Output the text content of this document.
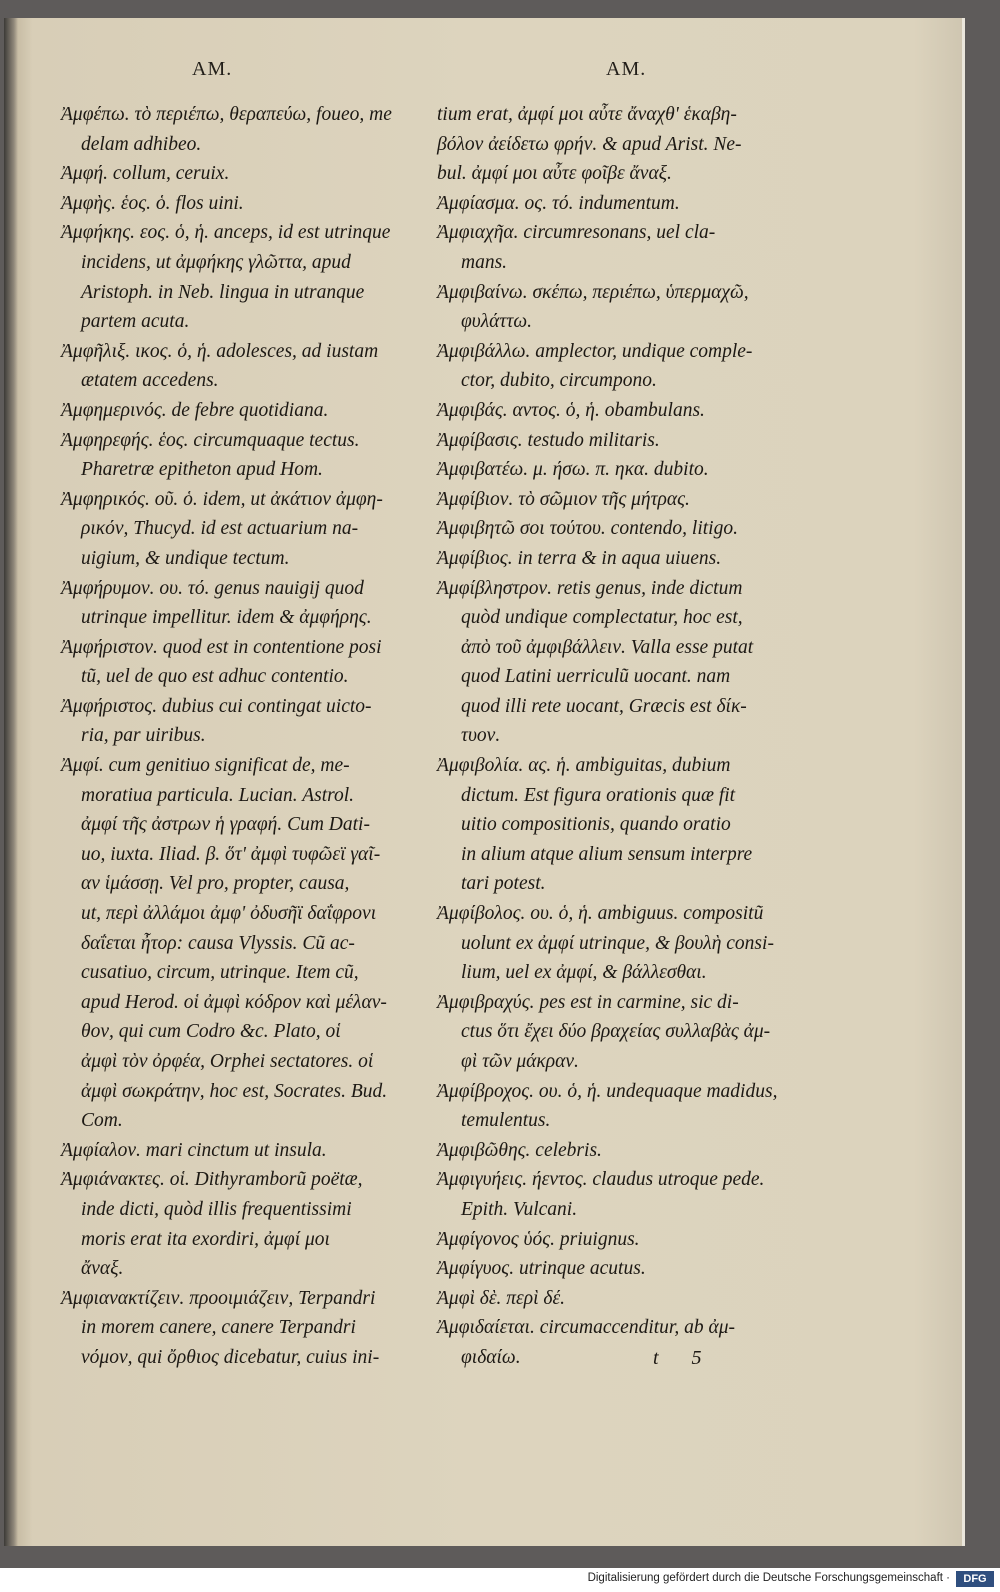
AM.	AM.
Ἀμφέπω. τὸ περιέπω, θεραπεύω, foueo, me
delam adhibeo.
Ἀμφή. collum, ceruix.
Ἀμφὴς. ἑος. ὁ. flos uini.
Ἀμφήκης. εος. ὁ, ἡ. anceps, id est utrinque
incidens, ut ἀμφήκης γλῶττα, apud
Aristoph. in Neb. lingua in utranque
partem acuta.
Ἀμφῆλιξ. ικος. ὁ, ἡ. adolesces, ad iustam
ætatem accedens.
Ἀμφημερινός. de febre quotidiana.
Ἀμφηρεφής. ἑος. circumquaque tectus.
Pharetræ epitheton apud Hom.
Ἀμφηρικός. οῦ. ὁ. idem, ut ἀκάτιον ἀμφη-
ρικόν, Thucyd. id est actuarium na-
uigium, & undique tectum.
Ἀμφήρυμον. ου. τό. genus nauigij quod
utrinque impellitur. idem & ἀμφήρης.
Ἀμφήριστον. quod est in contentione posi
tũ, uel de quo est adhuc contentio.
Ἀμφήριστος. dubius cui contingat uicto-
ria, par uiribus.
Ἀμφί. cum genitiuo significat de, me-
moratiua particula. Lucian. Astrol.
ἀμφί τῆς ἀστρων ἡ γραφή. Cum Dati-
uo, iuxta. Iliad. β. ὅτ' ἀμφὶ τυφῶεϊ γαῖ-
αν ἱμάσσῃ. Vel pro, propter, causa,
ut, περὶ ἀλλάμοι ἀμφ' ὀδυσῆϊ δαΐφρονι
δαΐεται ἦτορ: causa Vlyssis. Cũ ac-
cusatiuo, circum, utrinque. Item cũ,
apud Herod. οἱ ἀμφὶ κόδρον καὶ μέλαν-
θον, qui cum Codro &c. Plato, οἱ
ἀμφὶ τὸν ὀρφέα, Orphei sectatores. οἱ
ἀμφὶ σωκράτην, hoc est, Socrates. Bud.
Com.
Ἀμφίαλον. mari cinctum ut insula.
Ἀμφιάνακτες. οἱ. Dithyramborũ poëtæ,
inde dicti, quòd illis frequentissimi
moris erat ita exordiri, ἀμφί μοι
ἄναξ.
Ἀμφιανακτίζειν. προοιμιάζειν, Terpandri
in morem canere, canere Terpandri
νόμον, qui ὄρθιος dicebatur, cuius ini-
tium erat, ἀμφί μοι αὖτε ἄναχθ' ἑκαβη-
βόλον ἀείδετω φρήν. & apud Arist. Ne-
bul. ἀμφί μοι αὖτε φοῖβε ἄναξ.
Ἀμφίασμα. ος. τό. indumentum.
Ἀμφιαχῆα. circumresonans, uel cla-
mans.
Ἀμφιβαίνω. σκέπω, περιέπω, ὑπερμαχῶ,
φυλάττω.
Ἀμφιβάλλω. amplector, undique comple-
ctor, dubito, circumpono.
Ἀμφιβάς. αντος. ὁ, ἡ. obambulans.
Ἀμφίβασις. testudo militaris.
Ἀμφιβατέω. μ. ήσω. π. ηκα. dubito.
Ἀμφίβιον. τὸ σῶμιον τῆς μήτρας.
Ἀμφιβητῶ σοι τούτου. contendo, litigo.
Ἀμφίβιος. in terra & in aqua uiuens.
Ἀμφίβληστρον. retis genus, inde dictum
quòd undique complectatur, hoc est,
ἀπὸ τοῦ ἀμφιβάλλειν. Valla esse putat
quod Latini uerriculũ uocant. nam
quod illi rete uocant, Græcis est δίκ-
τυον.
Ἀμφιβολία. ας. ἡ. ambiguitas, dubium
dictum. Est figura orationis quæ fit
uitio compositionis, quando oratio
in alium atque alium sensum interpre
tari potest.
Ἀμφίβολος. ου. ὁ, ἡ. ambiguus. compositũ
uolunt ex ἀμφί utrinque, & βουλὴ consi-
lium, uel ex ἀμφί, & βάλλεσθαι.
Ἀμφιβραχύς. pes est in carmine, sic di-
ctus ὅτι ἔχει δύο βραχείας συλλαβὰς ἀμ-
φὶ τῶν μάκραν.
Ἀμφίβροχος. ου. ὁ, ἡ. undequaque madidus,
temulentus.
Ἀμφιβῶθης. celebris.
Ἀμφιγυήεις. ήεντος. claudus utroque pede.
Epith. Vulcani.
Ἀμφίγονος ὑός. priuignus.
Ἀμφίγυος. utrinque acutus.
Ἀμφὶ δὲ. περὶ δέ.
Ἀμφιδαίεται. circumaccenditur, ab ἀμ-
φιδαίω.	t 5
Digitalisierung gefördert durch die Deutsche Forschungsgemeinschaft ·	DFG
